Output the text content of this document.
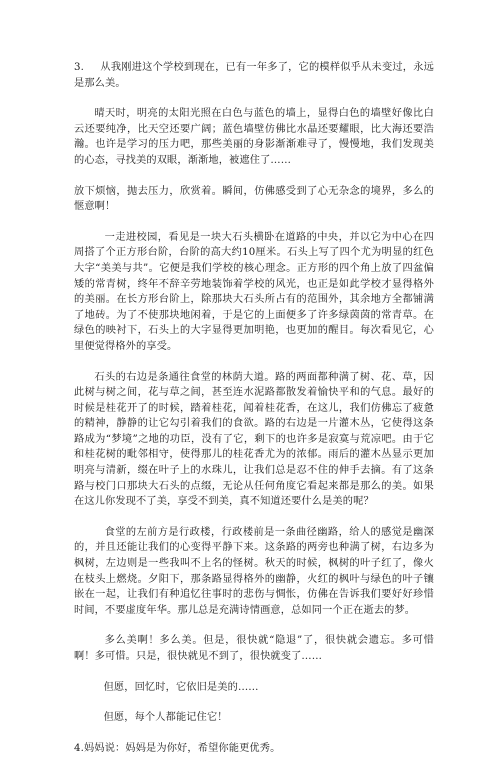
3. 从我刚进这个学校到现在，已有一年多了，它的模样似乎从未变过，永远是那么美。

晴天时，明亮的太阳光照在白色与蓝色的墙上，显得白色的墙壁好像比白云还要纯净，比天空还要广阔；蓝色墙壁仿佛比水晶还要耀眼，比大海还要浩瀚。也许是学习的压力吧，那些美丽的身影渐渐难寻了，慢慢地，我们发现美的心态，寻找美的双眼，渐渐地，被遮住了……

放下烦恼，抛去压力，欣赏着。瞬间，仿佛感受到了心无杂念的境界，多么的惬意啊！

一走进校园，看见是一块大石头横卧在道路的中央，并以它为中心在四周搭了个正方形台阶，台阶的高大约10厘米。石头上写了四个尤为明显的红色大字“美美与共”。它便是我们学校的核心理念。正方形的四个角上放了四盆偏矮的常青树，终年不辞辛劳地装饰着学校的风光，也正是如此学校才显得格外的美丽。在长方形台阶上，除那块大石头所占有的范围外，其余地方全都铺满了地砖。为了不使那块地闲着，于是它的上面便多了许多绿茵茵的常青草。在绿色的映衬下，石头上的大字显得更加明艳，也更加的醒目。每次看见它，心里便觉得格外的享受。

石头的右边是条通往食堂的林荫大道。路的两面都种满了树、花、草，因此树与树之间，花与草之间，甚至连水泥路都散发着愉快平和的气息。最好的时候是桂花开了的时候，踏着桂花，闻着桂花香，在这儿，我们仿佛忘了疲惫的精神，静静的让它勾引着我们的食欲。路的右边是一片灌木丛，它使得这条路成为“梦境”之地的功臣，没有了它，剩下的也许多是寂寞与荒凉吧。由于它和桂花树的毗邻相守，使得那儿的桂花香尤为的浓郁。雨后的灌木丛显示更加明亮与清新，缀在叶子上的水珠儿，让我们总是忍不住的伸手去摘。有了这条路与校门口那块大石头的点缀，无论从任何角度它看起来都是那么的美。如果在这儿你发现不了美，享受不到美，真不知道还要什么是美的呢？

食堂的左前方是行政楼，行政楼前是一条曲径幽路，给人的感觉是幽深的，并且还能让我们的心变得平静下来。这条路的两旁也种满了树，右边多为枫树，左边则是一些我叫不上名的怪树。秋天的时候，枫树的叶子红了，像火在枝头上燃烧。夕阳下，那条路显得格外的幽静，火红的枫叶与绿色的叶子镶嵌在一起，让我们有种追忆往事时的悲伤与惆怅，仿佛在告诉我们要好好珍惜时间，不要虚度年华。那儿总是充满诗情画意，总如同一个正在逝去的梦。

多么美啊！多么美。但是，很快就“隐退”了，很快就会遗忘。多可惜啊！多可惜。只是，很快就见不到了，很快就变了……

但愿，回忆时，它依旧是美的……

但愿，每个人都能记住它！

4.妈妈说：妈妈是为你好，希望你能更优秀。
